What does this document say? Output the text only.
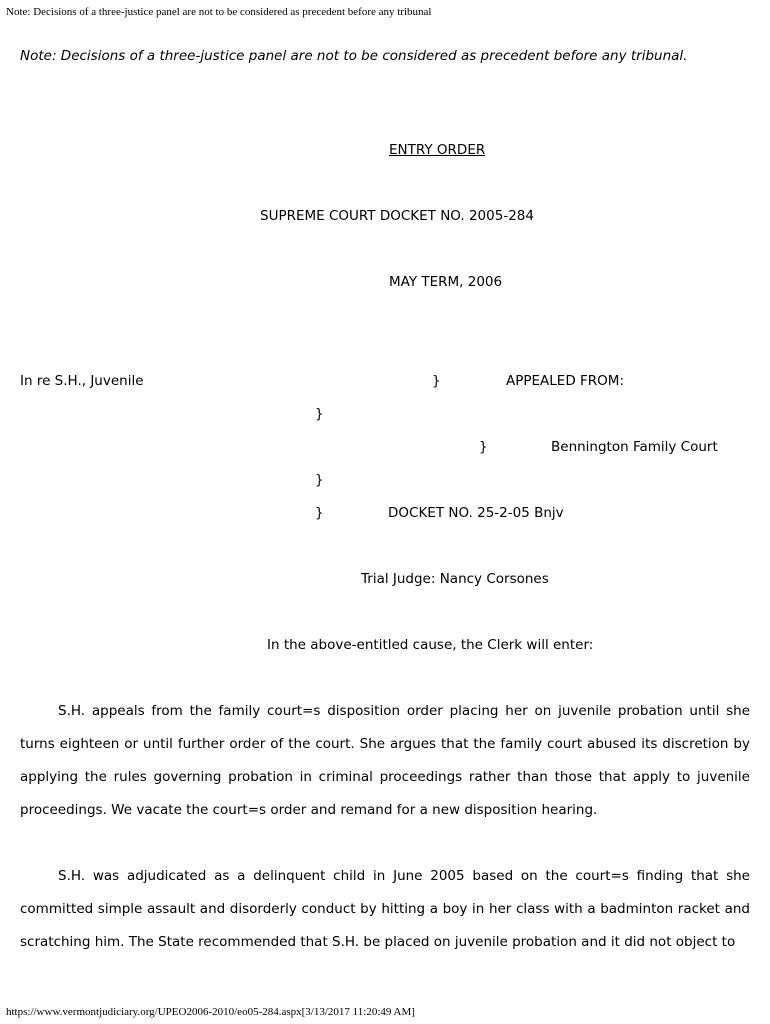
Note: Decisions of a three-justice panel are not to be considered as precedent before any tribunal
Note: Decisions of a three-justice panel are not to be considered as precedent before any tribunal.
ENTRY ORDER
SUPREME COURT DOCKET NO. 2005-284
MAY TERM, 2006
In re S.H., Juvenile	}	APPEALED FROM:
}
}	Bennington Family Court
}
}	DOCKET NO. 25-2-05 Bnjv
Trial Judge: Nancy Corsones
In the above-entitled cause, the Clerk will enter:

S.H. appeals from the family court=s disposition order placing her on juvenile probation until she turns eighteen or until further order of the court. She argues that the family court abused its discretion by applying the rules governing probation in criminal proceedings rather than those that apply to juvenile proceedings. We vacate the court=s order and remand for a new disposition hearing.

S.H. was adjudicated as a delinquent child in June 2005 based on the court=s finding that she committed simple assault and disorderly conduct by hitting a boy in her class with a badminton racket and scratching him. The State recommended that S.H. be placed on juvenile probation and it did not object to

https://www.vermontjudiciary.org/UPEO2006-2010/eo05-284.aspx[3/13/2017 11:20:49 AM]
